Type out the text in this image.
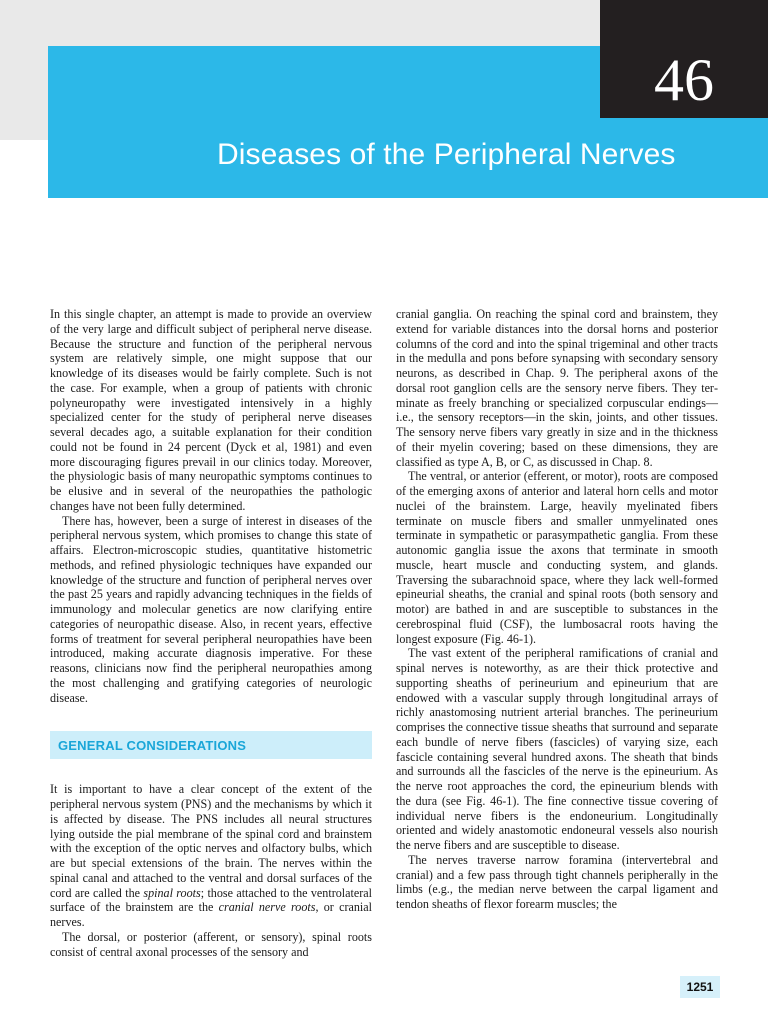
46
Diseases of the Peripheral Nerves

In this single chapter, an attempt is made to provide an overview of the very large and difficult subject of peripheral nerve disease. Because the structure and function of the peripheral nervous system are relatively simple, one might suppose that our knowledge of its diseases would be fairly complete. Such is not the case. For example, when a group of patients with chronic polyneuropathy were investigated intensively in a highly specialized center for the study of peripheral nerve diseases several decades ago, a suitable explanation for their condition could not be found in 24 percent (Dyck et al, 1981) and even more discouraging figures prevail in our clinics today. Moreover, the physiologic basis of many neuropathic symptoms continues to be elusive and in several of the neuropathies the pathologic changes have not been fully determined.

There has, however, been a surge of interest in diseases of the peripheral nervous system, which promises to change this state of affairs. Electron-microscopic studies, quantitative histometric methods, and refined physiologic techniques have expanded our knowledge of the structure and function of peripheral nerves over the past 25 years and rapidly advancing techniques in the fields of immunology and molecular genetics are now clarifying entire categories of neuropathic disease. Also, in recent years, effective forms of treatment for several peripheral neuropathies have been introduced, making accurate diagnosis imperative. For these reasons, clinicians now find the peripheral neuropathies among the most challenging and gratifying categories of neurologic disease.

GENERAL CONSIDERATIONS

It is important to have a clear concept of the extent of the peripheral nervous system (PNS) and the mechanisms by which it is affected by disease. The PNS includes all neural structures lying outside the pial membrane of the spinal cord and brainstem with the exception of the optic nerves and olfactory bulbs, which are but special extensions of the brain. The nerves within the spinal canal and attached to the ventral and dorsal surfaces of the cord are called the spinal roots; those attached to the ventrolateral surface of the brainstem are the cranial nerve roots, or cranial nerves.

The dorsal, or posterior (afferent, or sensory), spinal roots consist of central axonal processes of the sensory and

cranial ganglia. On reaching the spinal cord and brainstem, they extend for variable distances into the dorsal horns and posterior columns of the cord and into the spinal trigeminal and other tracts in the medulla and pons before synapsing with secondary sensory neurons, as described in Chap. 9. The peripheral axons of the dorsal root ganglion cells are the sensory nerve fibers. They terminate as freely branching or specialized corpuscular endings—i.e., the sensory receptors—in the skin, joints, and other tissues. The sensory nerve fibers vary greatly in size and in the thickness of their myelin covering; based on these dimensions, they are classified as type A, B, or C, as discussed in Chap. 8.

The ventral, or anterior (efferent, or motor), roots are composed of the emerging axons of anterior and lateral horn cells and motor nuclei of the brainstem. Large, heavily myelinated fibers terminate on muscle fibers and smaller unmyelinated ones terminate in sympathetic or parasympathetic ganglia. From these autonomic ganglia issue the axons that terminate in smooth muscle, heart muscle and conducting system, and glands. Traversing the subarachnoid space, where they lack well-formed epineurial sheaths, the cranial and spinal roots (both sensory and motor) are bathed in and are susceptible to substances in the cerebrospinal fluid (CSF), the lumbosacral roots having the longest exposure (Fig. 46-1).

The vast extent of the peripheral ramifications of cranial and spinal nerves is noteworthy, as are their thick protective and supporting sheaths of perineurium and epineurium that are endowed with a vascular supply through longitudinal arrays of richly anastomosing nutrient arterial branches. The perineurium comprises the connective tissue sheaths that surround and separate each bundle of nerve fibers (fascicles) of varying size, each fascicle containing several hundred axons. The sheath that binds and surrounds all the fascicles of the nerve is the epineurium. As the nerve root approaches the cord, the epineurium blends with the dura (see Fig. 46-1). The fine connective tissue covering of individual nerve fibers is the endoneurium. Longitudinally oriented and widely anastomotic endoneural vessels also nourish the nerve fibers and are susceptible to disease.

The nerves traverse narrow foramina (intervertebral and cranial) and a few pass through tight channels peripherally in the limbs (e.g., the median nerve between the carpal ligament and tendon sheaths of flexor forearm muscles; the

1251
